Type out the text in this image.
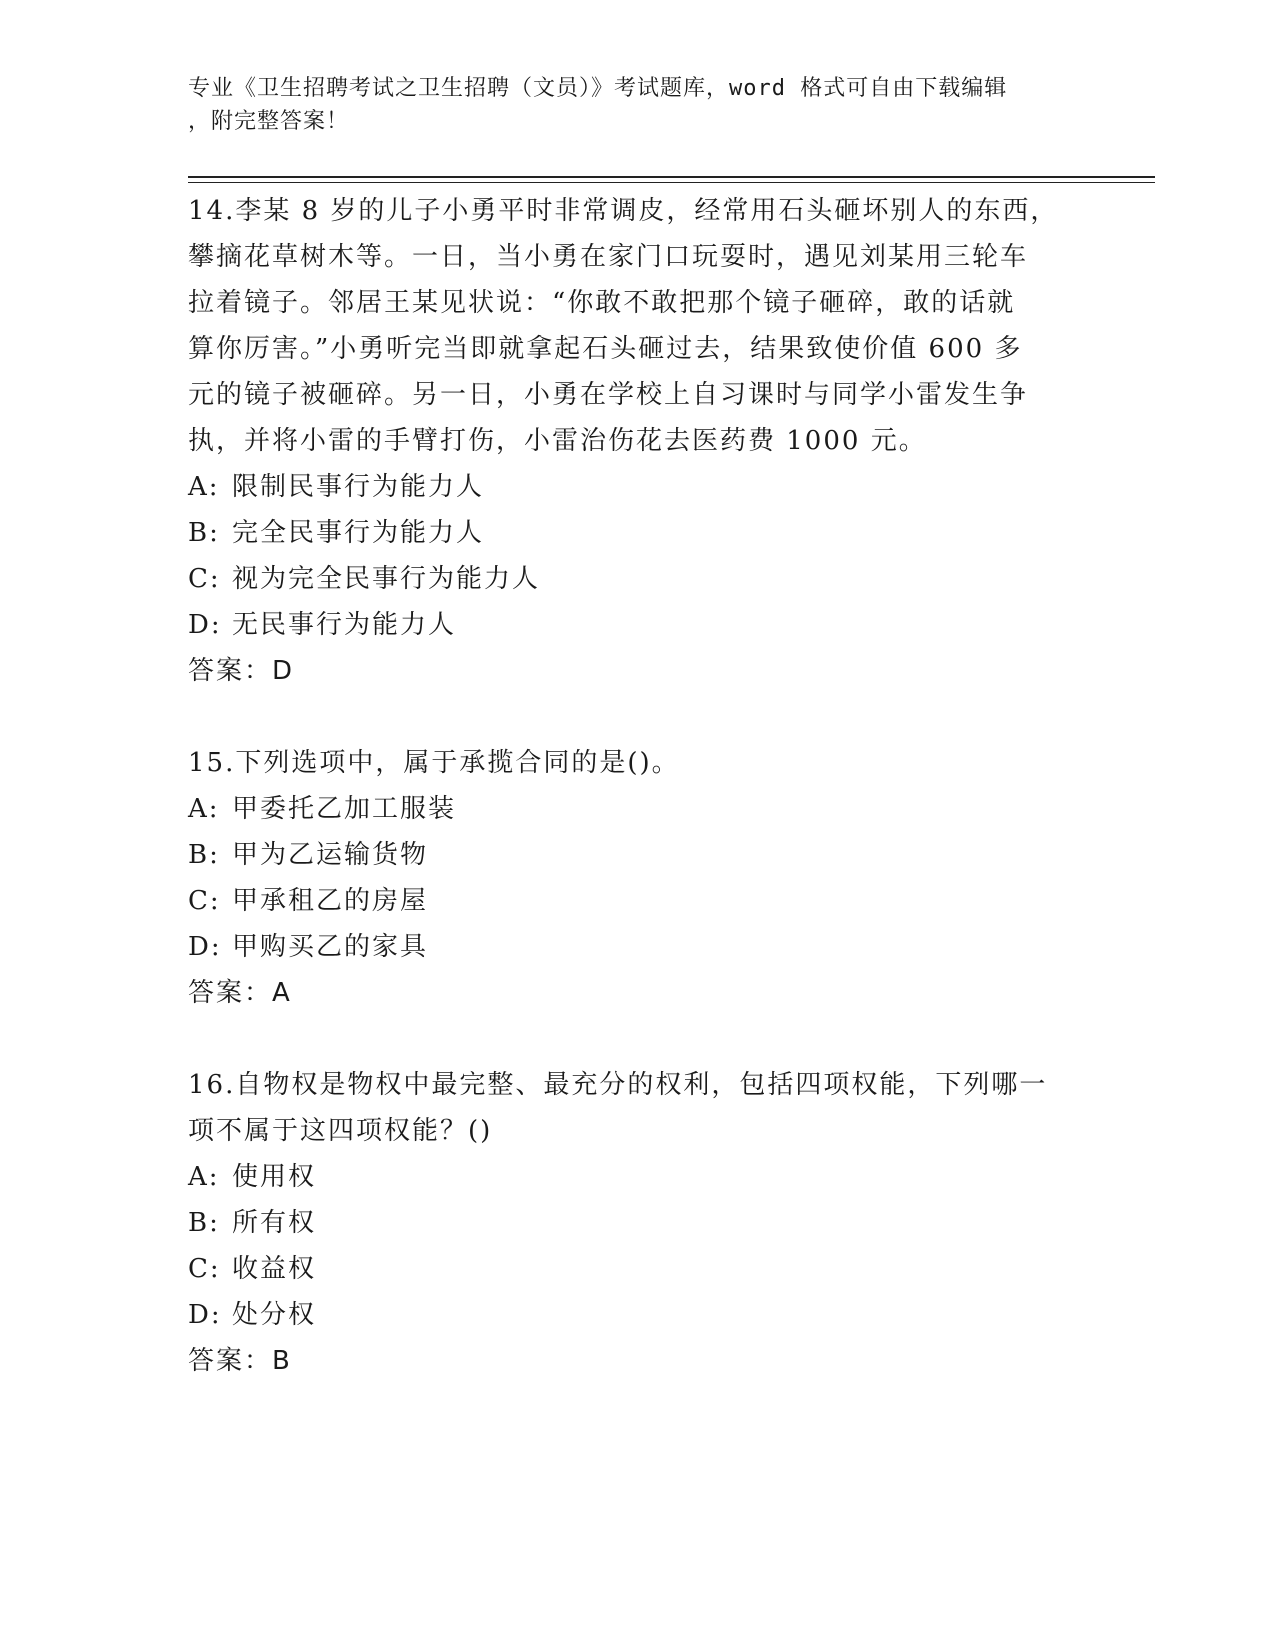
专业《卫生招聘考试之卫生招聘（文员）》考试题库，word 格式可自由下载编辑
，附完整答案！

14.李某 8 岁的儿子小勇平时非常调皮，经常用石头砸坏别人的东西，

攀摘花草树木等。一日，当小勇在家门口玩耍时，遇见刘某用三轮车

拉着镜子。邻居王某见状说：“你敢不敢把那个镜子砸碎，敢的话就

算你厉害。”小勇听完当即就拿起石头砸过去，结果致使价值 600 多

元的镜子被砸碎。另一日，小勇在学校上自习课时与同学小雷发生争

执，并将小雷的手臂打伤，小雷治伤花去医药费 1000 元。

A: 限制民事行为能力人

B: 完全民事行为能力人

C: 视为完全民事行为能力人

D: 无民事行为能力人

答案：D

15.下列选项中，属于承揽合同的是()。

A: 甲委托乙加工服装

B: 甲为乙运输货物

C: 甲承租乙的房屋

D: 甲购买乙的家具

答案：A

16.自物权是物权中最完整、最充分的权利，包括四项权能，下列哪一

项不属于这四项权能？()

A: 使用权

B: 所有权

C: 收益权

D: 处分权

答案：B
